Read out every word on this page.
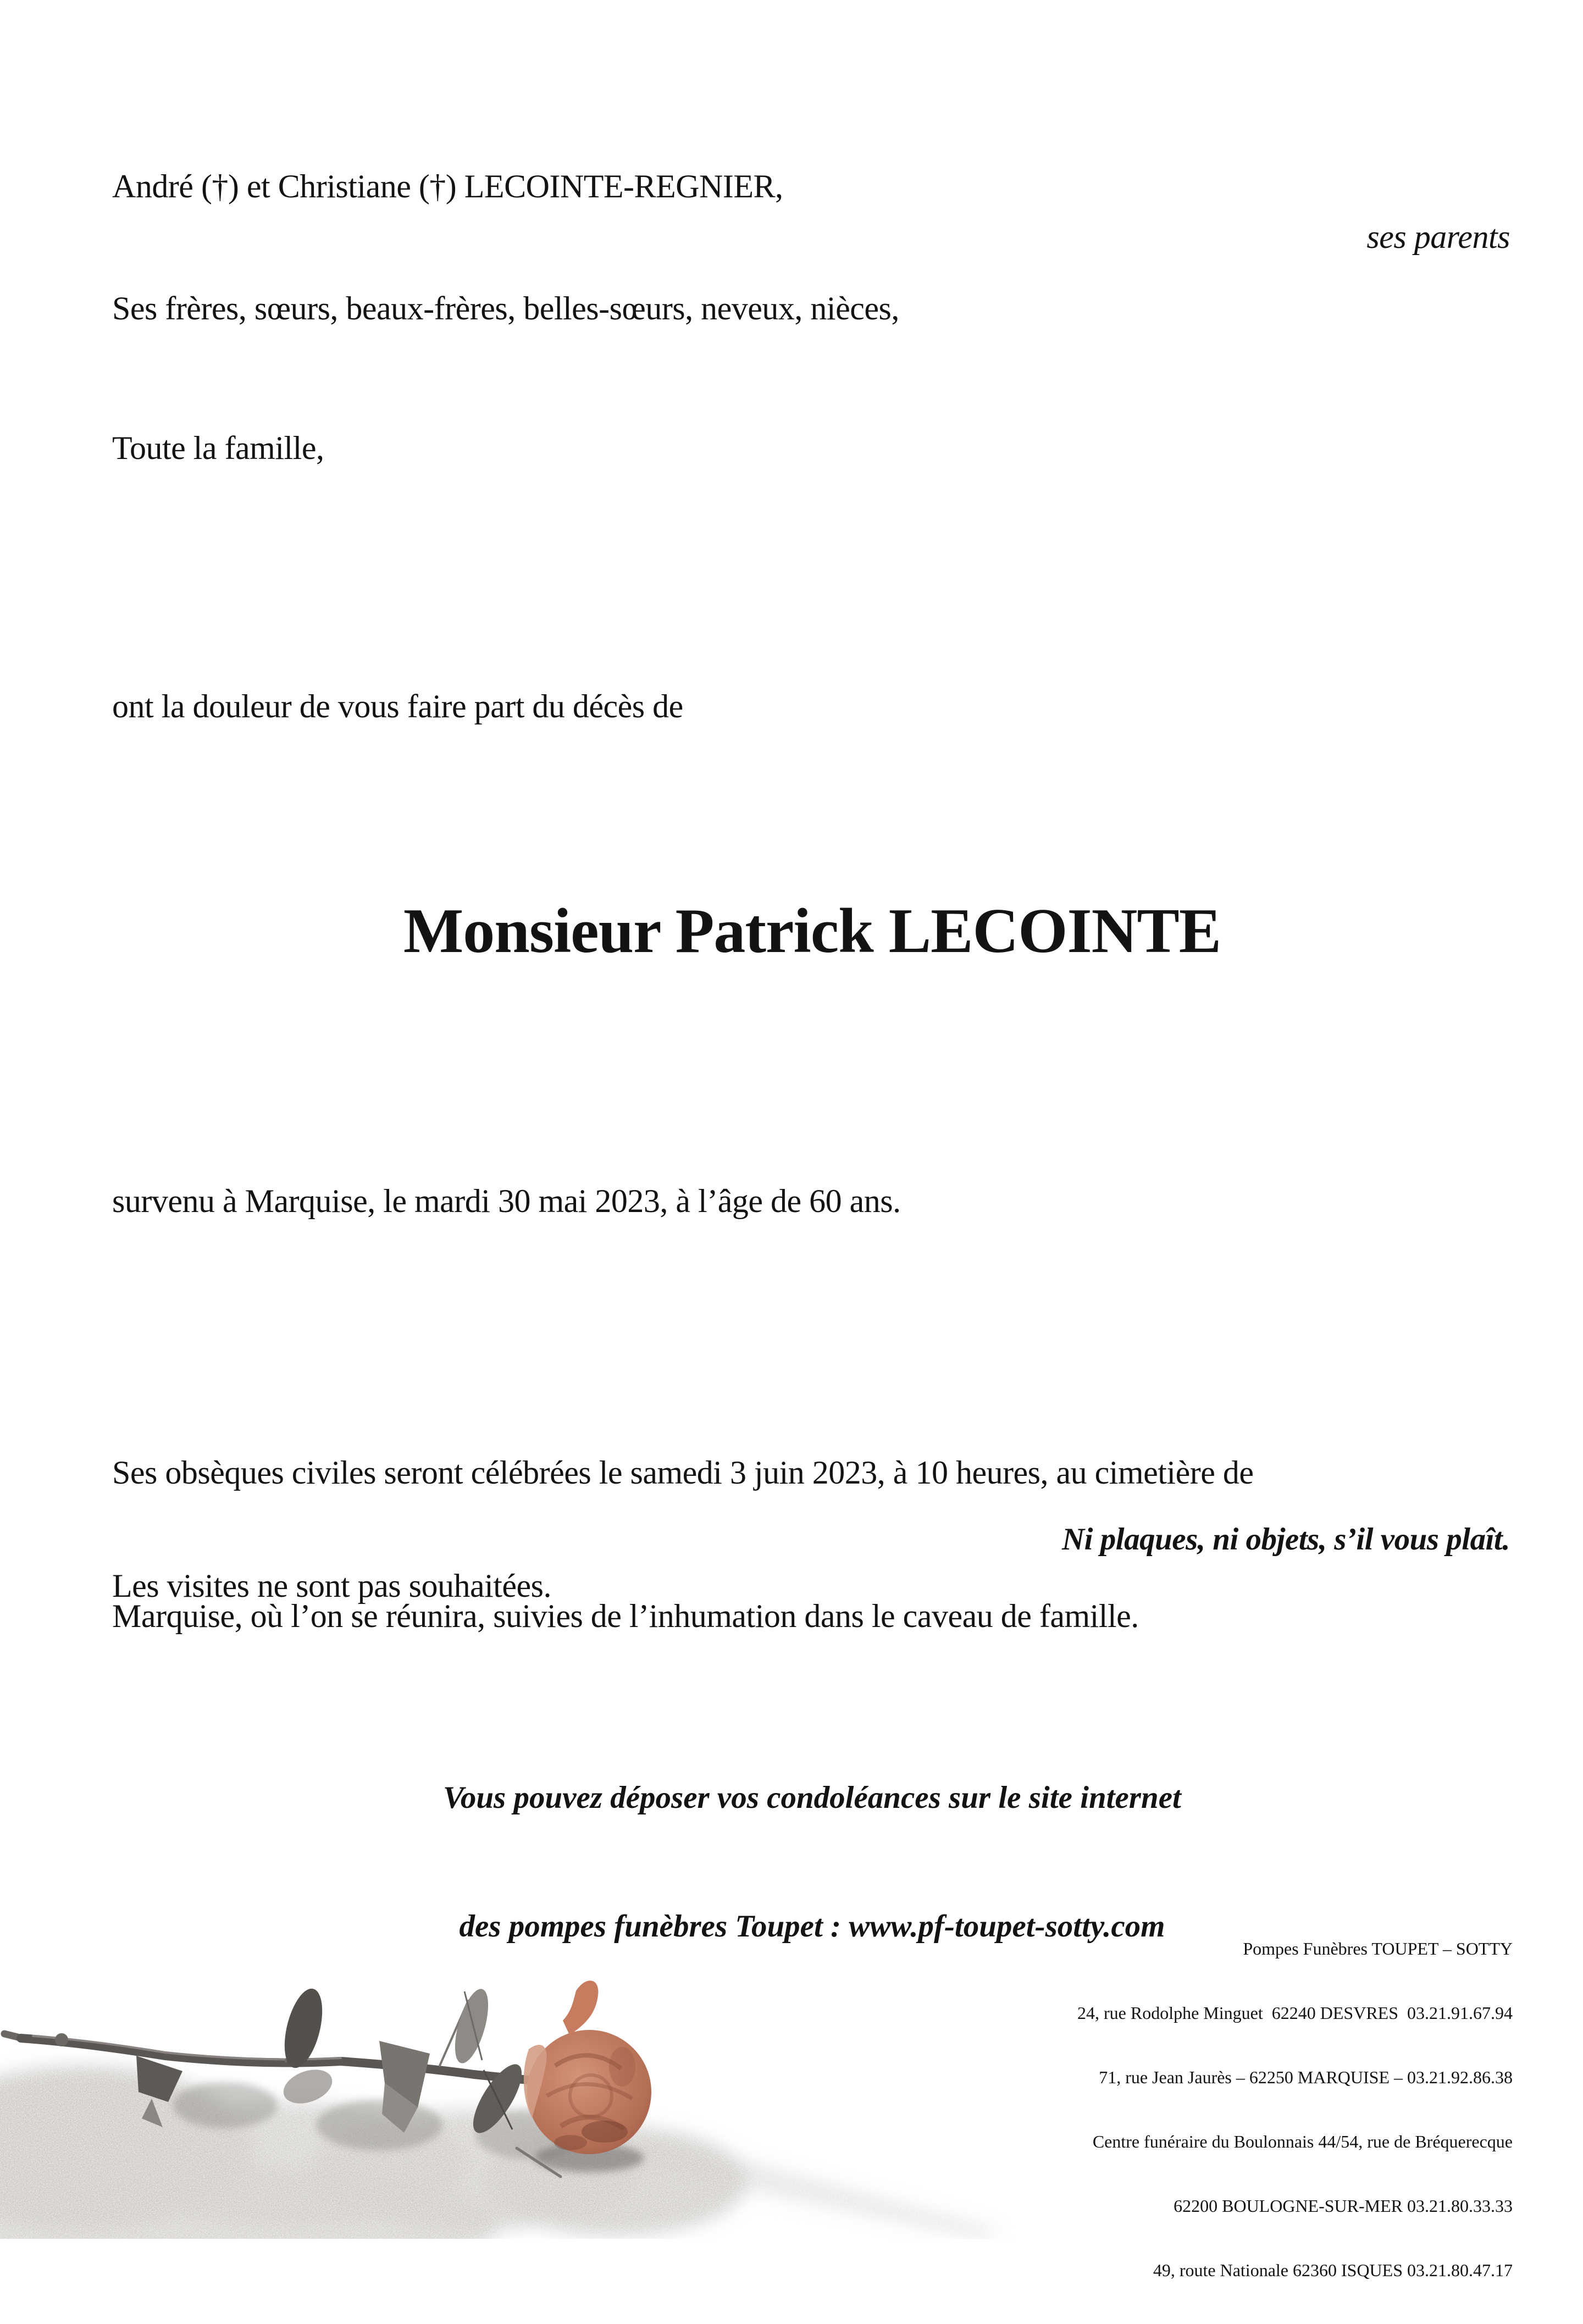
André (†) et Christiane (†) LECOINTE-REGNIER,
ses parents
Ses frères, sœurs, beaux-frères, belles-sœurs, neveux, nièces,
Toute la famille,
ont la douleur de vous faire part du décès de
Monsieur Patrick LECOINTE
survenu à Marquise, le mardi 30 mai 2023, à l’âge de 60 ans.

Ses obsèques civiles seront célébrées le samedi 3 juin 2023, à 10 heures, au cimetière de

Marquise, où l’on se réunira, suivies de l’inhumation dans le caveau de famille.

Ni plaques, ni objets, s’il vous plaît.
Les visites ne sont pas souhaitées.

Vous pouvez déposer vos condoléances sur le site internet

des pompes funèbres Toupet : www.pf-toupet-sotty.com

Pompes Funèbres TOUPET – SOTTY

24, rue Rodolphe Minguet  62240 DESVRES  03.21.91.67.94

71, rue Jean Jaurès – 62250 MARQUISE – 03.21.92.86.38

Centre funéraire du Boulonnais 44/54, rue de Bréquerecque

62200 BOULOGNE-SUR-MER 03.21.80.33.33

49, route Nationale 62360 ISQUES 03.21.80.47.17
